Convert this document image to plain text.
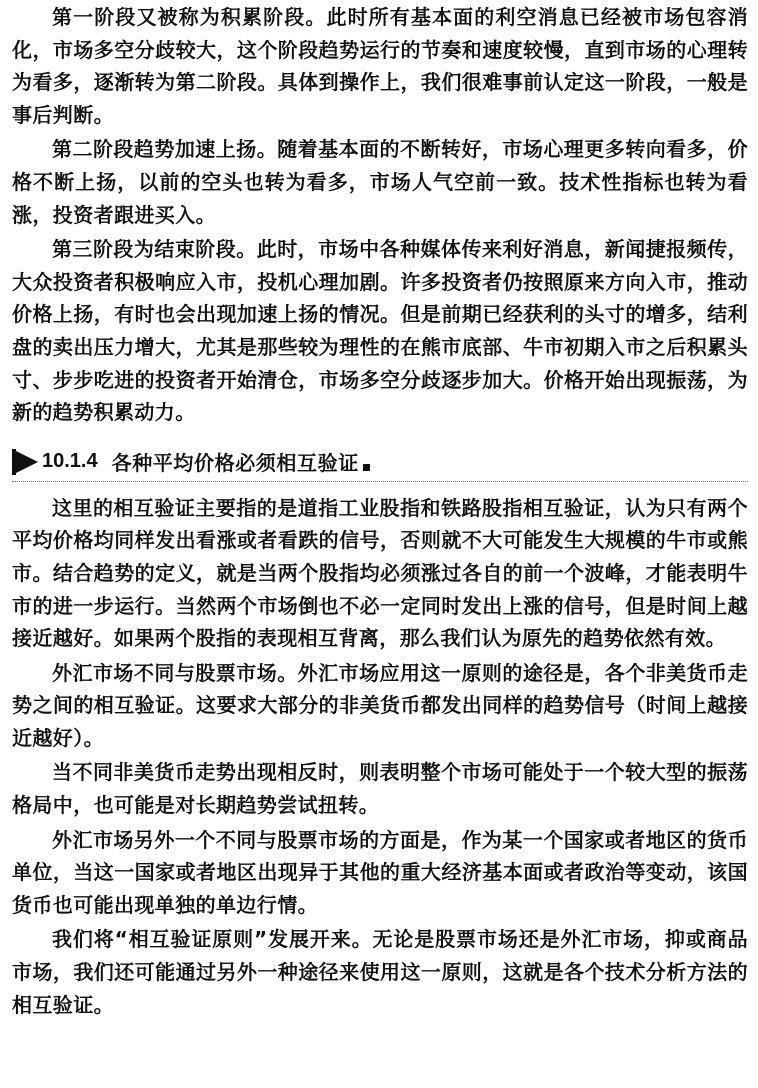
第一阶段又被称为积累阶段。此时所有基本面的利空消息已经被市场包容消化，市场多空分歧较大，这个阶段趋势运行的节奏和速度较慢，直到市场的心理转为看多，逐渐转为第二阶段。具体到操作上，我们很难事前认定这一阶段，一般是事后判断。

第二阶段趋势加速上扬。随着基本面的不断转好，市场心理更多转向看多，价格不断上扬，以前的空头也转为看多，市场人气空前一致。技术性指标也转为看涨，投资者跟进买入。

第三阶段为结束阶段。此时，市场中各种媒体传来利好消息，新闻捷报频传，大众投资者积极响应入市，投机心理加剧。许多投资者仍按照原来方向入市，推动价格上扬，有时也会出现加速上扬的情况。但是前期已经获利的头寸的增多，结利盘的卖出压力增大，尤其是那些较为理性的在熊市底部、牛市初期入市之后积累头寸、步步吃进的投资者开始清仓，市场多空分歧逐步加大。价格开始出现振荡，为新的趋势积累动力。

10.1.4 各种平均价格必须相互验证

这里的相互验证主要指的是道指工业股指和铁路股指相互验证，认为只有两个平均价格均同样发出看涨或者看跌的信号，否则就不大可能发生大规模的牛市或熊市。结合趋势的定义，就是当两个股指均必须涨过各自的前一个波峰，才能表明牛市的进一步运行。当然两个市场倒也不必一定同时发出上涨的信号，但是时间上越接近越好。如果两个股指的表现相互背离，那么我们认为原先的趋势依然有效。

外汇市场不同与股票市场。外汇市场应用这一原则的途径是，各个非美货币走势之间的相互验证。这要求大部分的非美货币都发出同样的趋势信号（时间上越接近越好）。

当不同非美货币走势出现相反时，则表明整个市场可能处于一个较大型的振荡格局中，也可能是对长期趋势尝试扭转。

外汇市场另外一个不同与股票市场的方面是，作为某一个国家或者地区的货币单位，当这一国家或者地区出现异于其他的重大经济基本面或者政治等变动，该国货币也可能出现单独的单边行情。

我们将“相互验证原则”发展开来。无论是股票市场还是外汇市场，抑或商品市场，我们还可能通过另外一种途径来使用这一原则，这就是各个技术分析方法的相互验证。
